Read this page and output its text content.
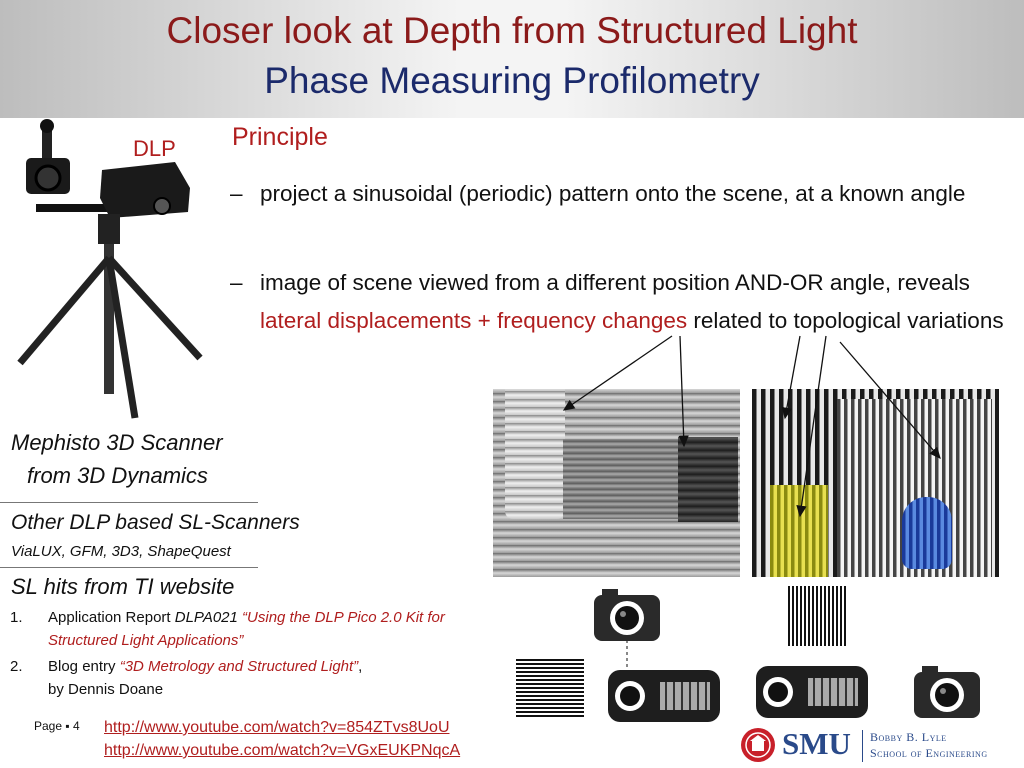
Closer look at Depth from Structured Light
Phase Measuring Profilometry
DLP
Mephisto 3D Scanner
from 3D Dynamics
Other DLP based SL-Scanners
ViaLUX, GFM, 3D3, ShapeQuest
SL hits from TI website
1. Application Report DLPA021 “Using the DLP Pico 2.0 Kit for Structured Light Applications”
2. Blog entry “3D Metrology and Structured Light”,
by Dennis Doane
Page ▪ 4 http://www.youtube.com/watch?v=854ZTvs8UoU
http://www.youtube.com/watch?v=VGxEUKPNqcA
Principle
– project a sinusoidal (periodic) pattern onto the scene, at a known angle
– image of scene viewed from a different position AND-OR angle, reveals lateral displacements + frequency changes related to topological variations
SMU Bobby B. Lyle
School of Engineering
